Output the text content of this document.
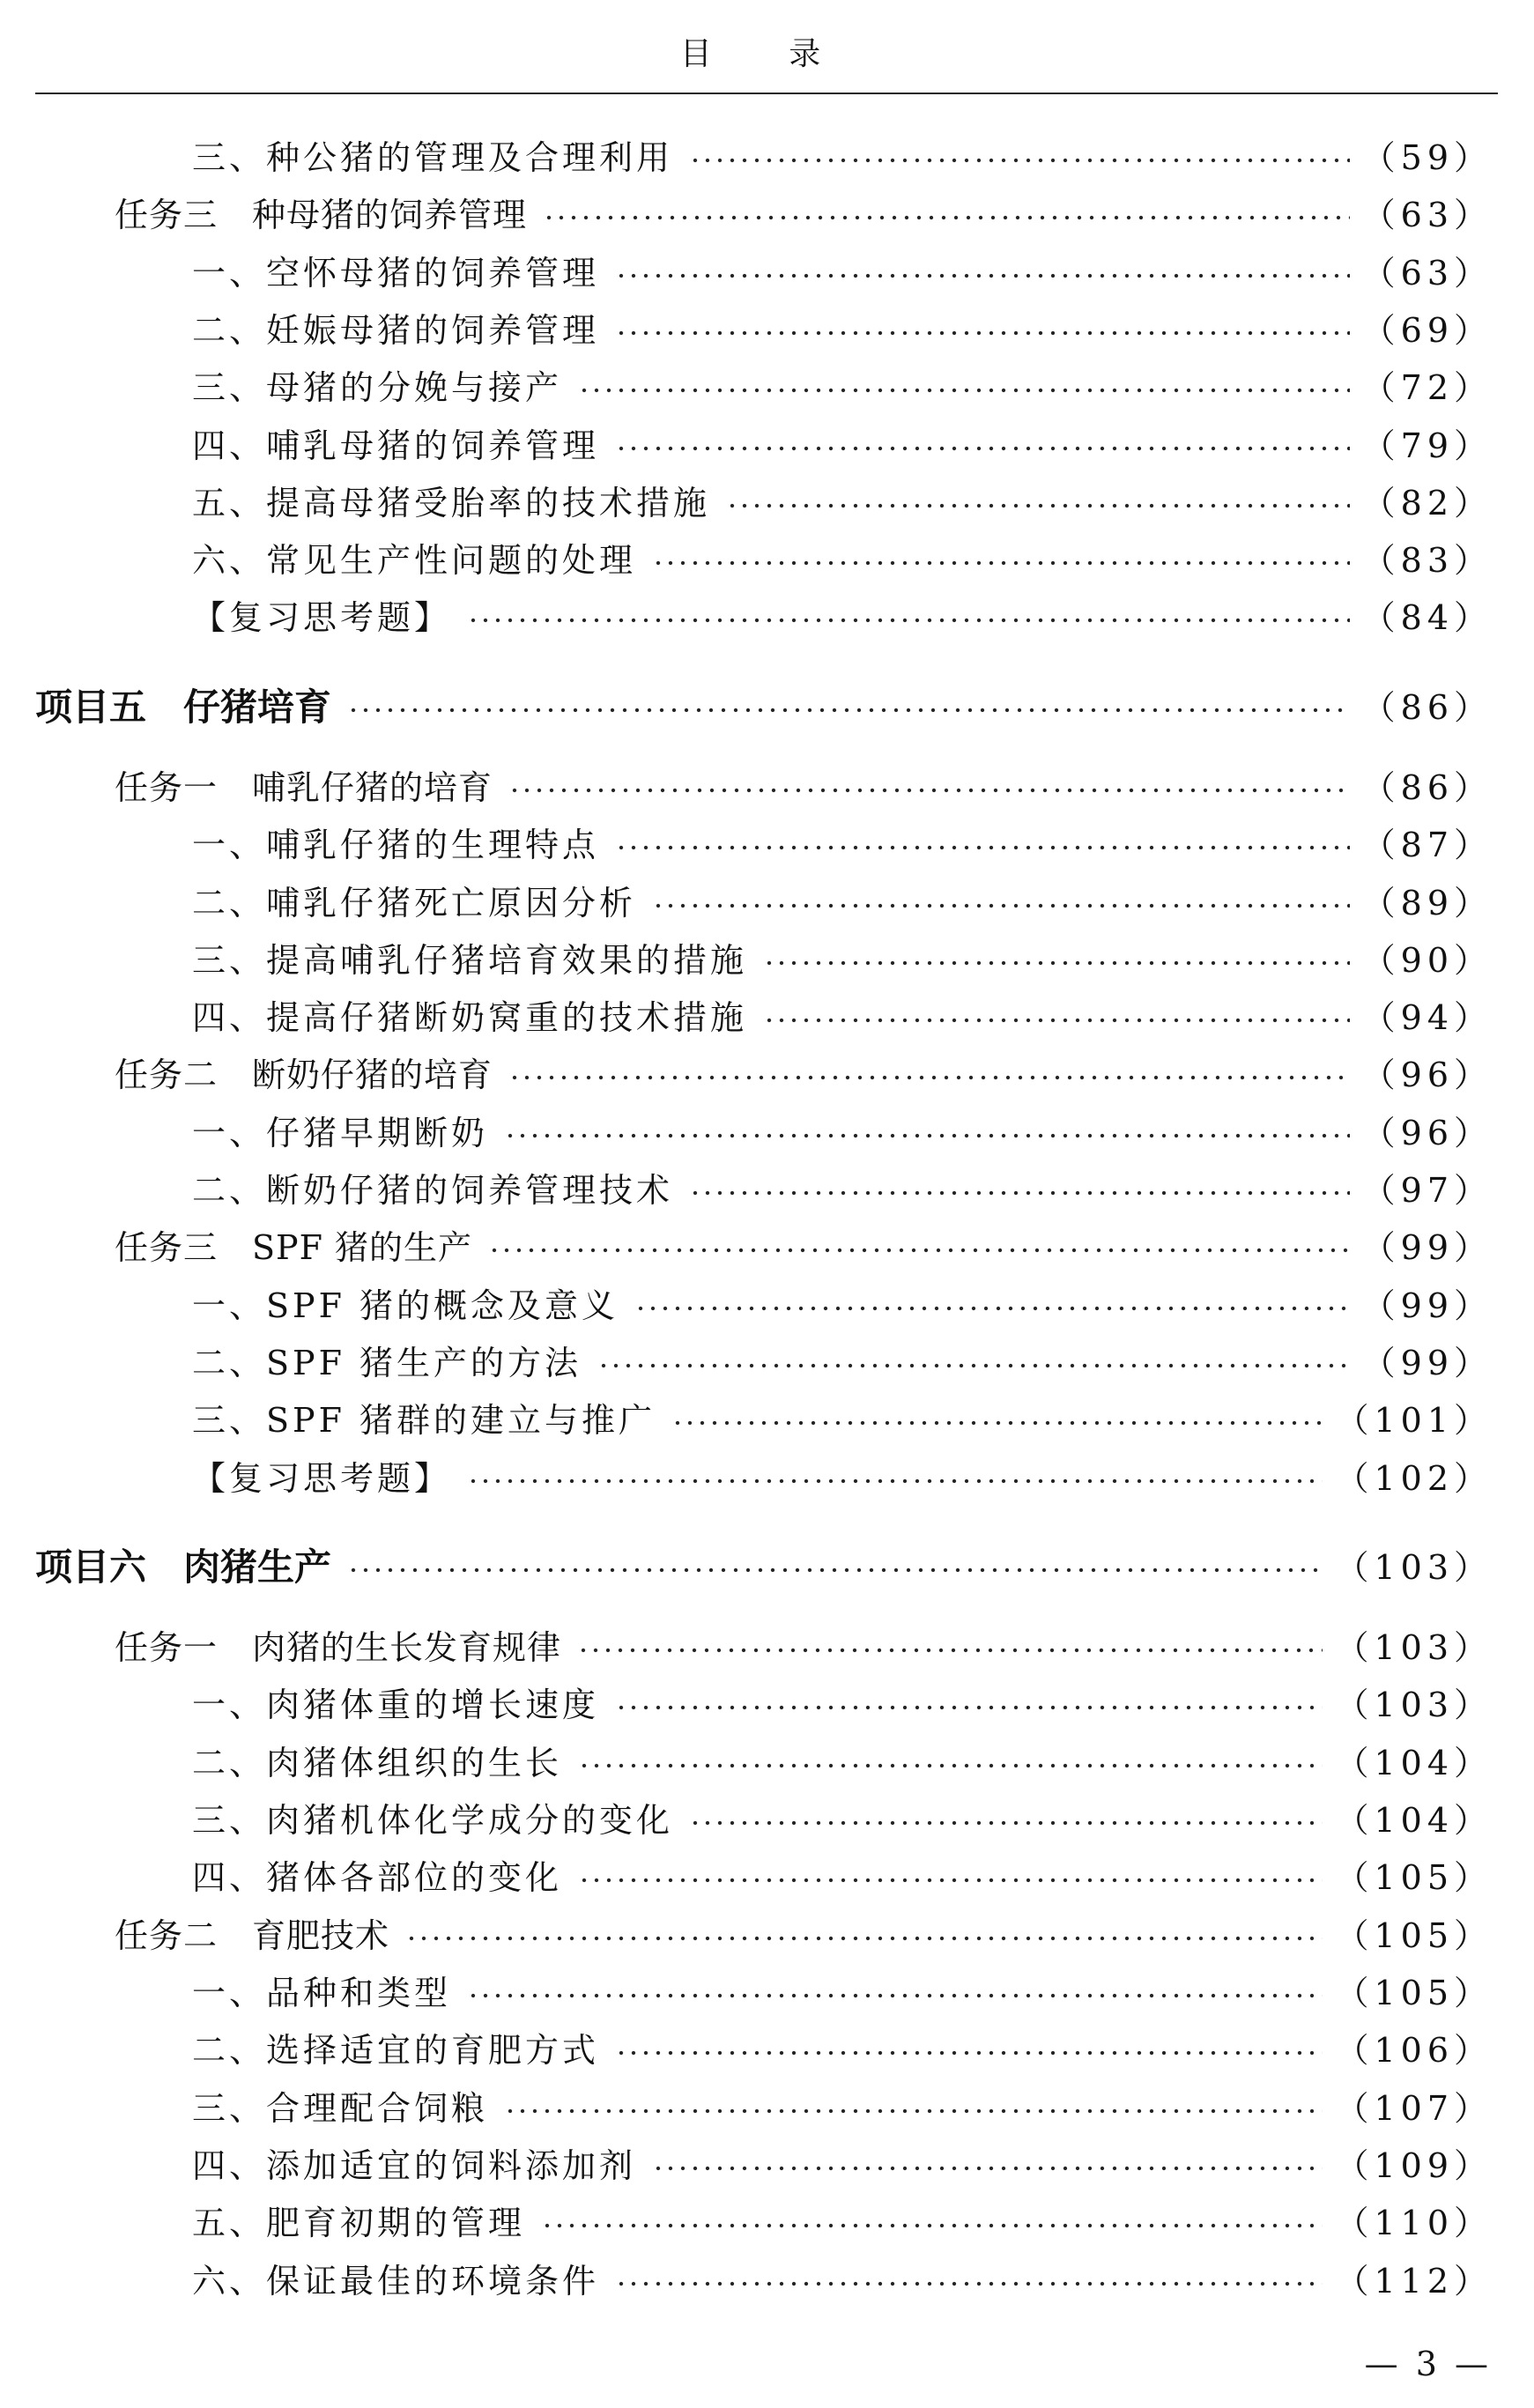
目 录
三、种公猪的管理及合理利用	（59）
任务三　种母猪的饲养管理	（63）
一、空怀母猪的饲养管理	（63）
二、妊娠母猪的饲养管理	（69）
三、母猪的分娩与接产	（72）
四、哺乳母猪的饲养管理	（79）
五、提高母猪受胎率的技术措施	（82）
六、常见生产性问题的处理	（83）
【复习思考题】	（84）
项目五　仔猪培育	（86）
任务一　哺乳仔猪的培育	（86）
一、哺乳仔猪的生理特点	（87）
二、哺乳仔猪死亡原因分析	（89）
三、提高哺乳仔猪培育效果的措施	（90）
四、提高仔猪断奶窝重的技术措施	（94）
任务二　断奶仔猪的培育	（96）
一、仔猪早期断奶	（96）
二、断奶仔猪的饲养管理技术	（97）
任务三　SPF 猪的生产	（99）
一、SPF 猪的概念及意义	（99）
二、SPF 猪生产的方法	（99）
三、SPF 猪群的建立与推广	（101）
【复习思考题】	（102）
项目六　肉猪生产	（103）
任务一　肉猪的生长发育规律	（103）
一、肉猪体重的增长速度	（103）
二、肉猪体组织的生长	（104）
三、肉猪机体化学成分的变化	（104）
四、猪体各部位的变化	（105）
任务二　育肥技术	（105）
一、品种和类型	（105）
二、选择适宜的育肥方式	（106）
三、合理配合饲粮	（107）
四、添加适宜的饲料添加剂	（109）
五、肥育初期的管理	（110）
六、保证最佳的环境条件	（112）
— 3 —
